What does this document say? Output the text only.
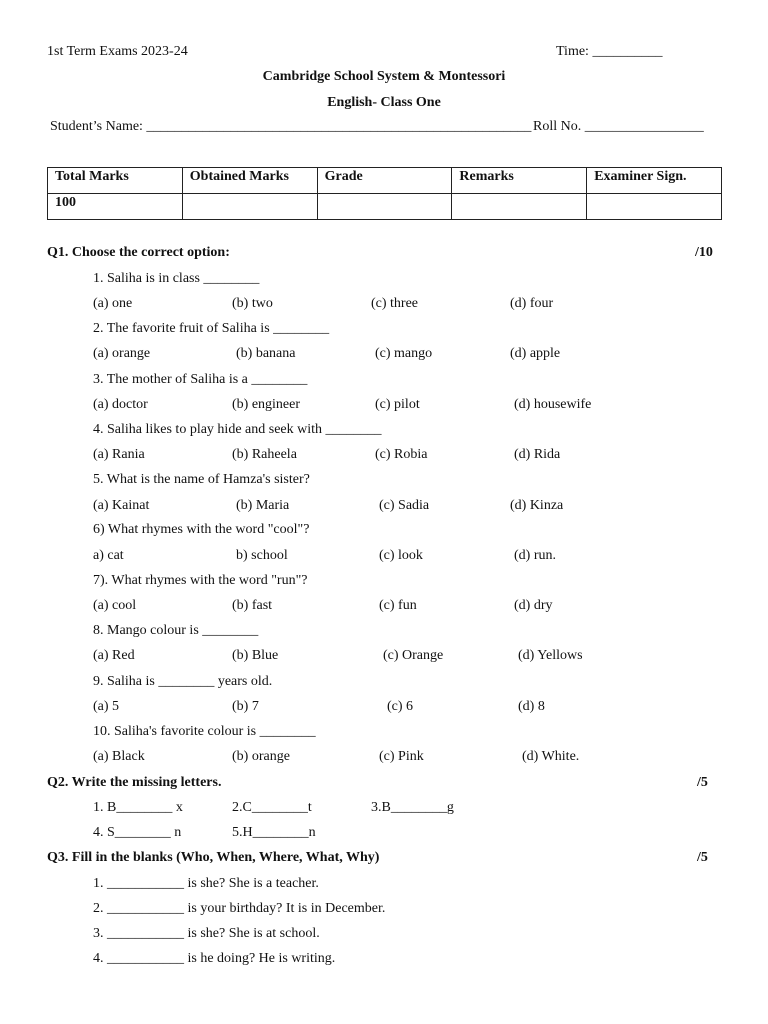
1st Term Exams 2023-24	Time: __________
Cambridge School System & Montessori
English- Class One
Student’s Name: _______________________________________________________ Roll No. _________________
Total Marks	Obtained Marks	Grade	Remarks	Examiner Sign.
100				
Q1. Choose the correct option:	/10
1. Saliha is in class ________
(a) one	(b) two	(c) three	(d) four
2. The favorite fruit of Saliha is ________
(a) orange	(b) banana	(c) mango	(d) apple
3. The mother of Saliha is a ________
(a) doctor	(b) engineer	(c) pilot	(d) housewife
4. Saliha likes to play hide and seek with ________
(a) Rania	(b) Raheela	(c) Robia	(d) Rida
5. What is the name of Hamza's sister?
(a) Kainat	(b) Maria	(c) Sadia	(d) Kinza
6) What rhymes with the word "cool"?
a) cat	b) school	(c) look	(d) run.
7). What rhymes with the word "run"?
(a) cool	(b) fast	(c) fun	(d) dry
8. Mango colour is ________
(a) Red	(b) Blue	(c) Orange	(d) Yellows
9. Saliha is ________ years old.
(a) 5	(b) 7	(c) 6	(d) 8
10. Saliha's favorite colour is ________
(a) Black	(b) orange	(c) Pink	(d) White.
Q2. Write the missing letters.	/5
1. B________ x	2.C________t	3.B________g
4. S________ n	5.H________n
Q3. Fill in the blanks (Who, When, Where, What, Why)	/5
1. ___________ is she? She is a teacher.
2. ___________ is your birthday? It is in December.
3. ___________ is she? She is at school.
4. ___________ is he doing? He is writing.
